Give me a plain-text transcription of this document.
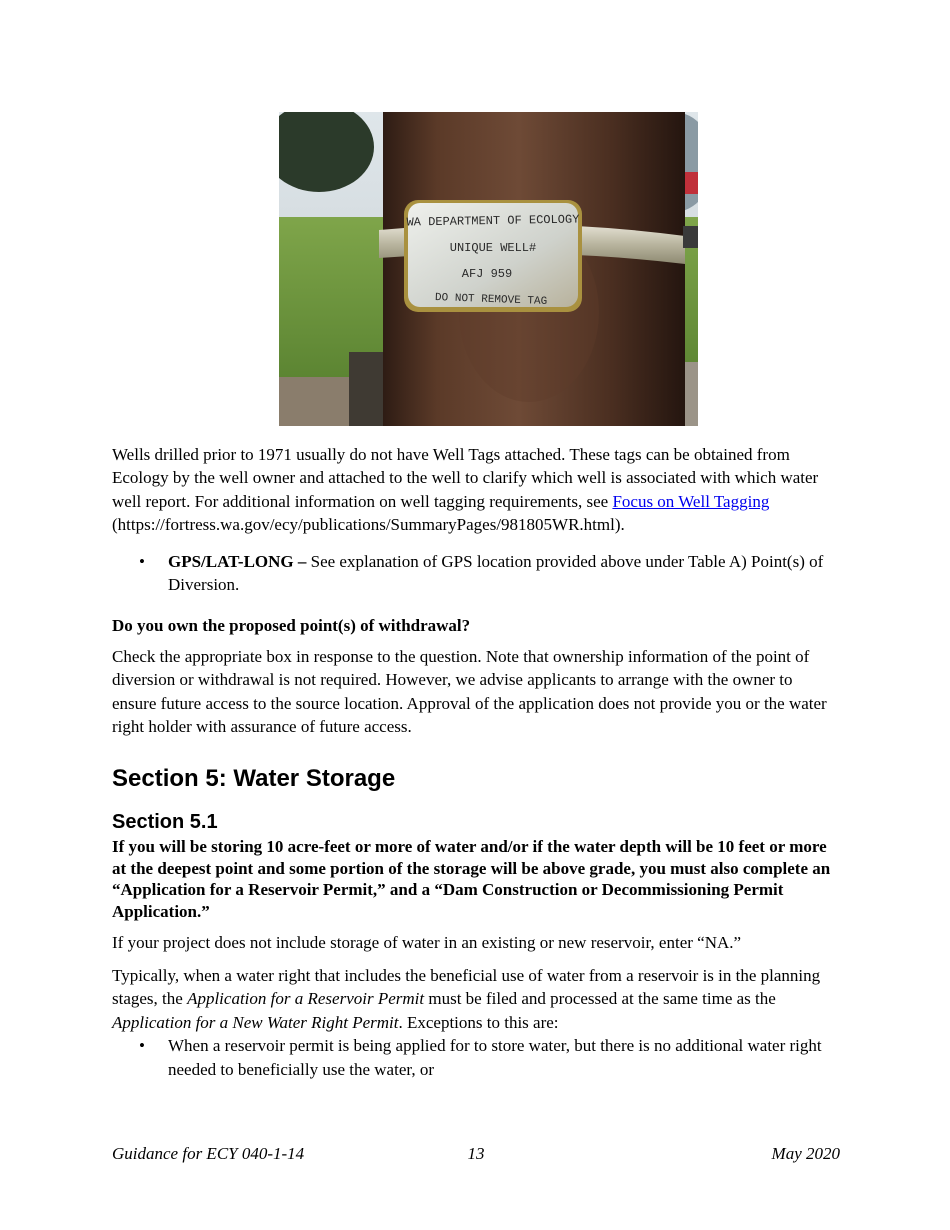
WA DEPARTMENT OF ECOLOGY
UNIQUE WELL#
AFJ 959
DO NOT REMOVE TAG

Wells drilled prior to 1971 usually do not have Well Tags attached. These tags can be obtained from Ecology by the well owner and attached to the well to clarify which well is associated with which water well report. For additional information on well tagging requirements, see Focus on Well Tagging (https://fortress.wa.gov/ecy/publications/SummaryPages/981805WR.html).

• GPS/LAT-LONG – See explanation of GPS location provided above under Table A) Point(s) of Diversion.
Do you own the proposed point(s) of withdrawal?

Check the appropriate box in response to the question. Note that ownership information of the point of diversion or withdrawal is not required. However, we advise applicants to arrange with the owner to ensure future access to the source location. Approval of the application does not provide you or the water right holder with assurance of future access.

Section 5: Water Storage
Section 5.1

If you will be storing 10 acre-feet or more of water and/or if the water depth will be 10 feet or more at the deepest point and some portion of the storage will be above grade, you must also complete an “Application for a Reservoir Permit,” and a “Dam Construction or Decommissioning Permit Application.”

If your project does not include storage of water in an existing or new reservoir, enter “NA.”

Typically, when a water right that includes the beneficial use of water from a reservoir is in the planning stages, the Application for a Reservoir Permit must be filed and processed at the same time as the Application for a New Water Right Permit. Exceptions to this are:

• When a reservoir permit is being applied for to store water, but there is no additional water right needed to beneficially use the water, or
Guidance for ECY 040-1-14	13	May 2020
